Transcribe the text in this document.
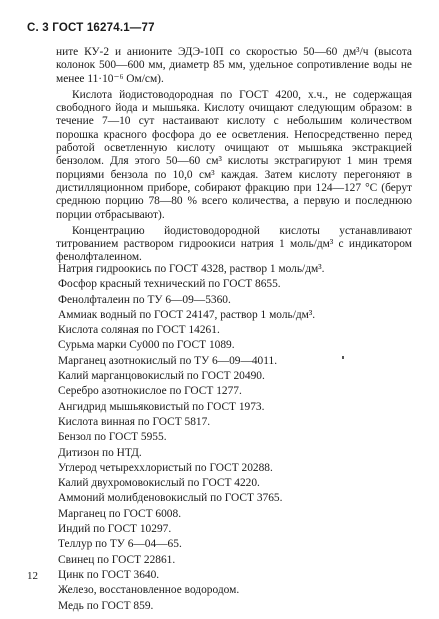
С. 3 ГОСТ 16274.1—77

ните КУ-2 и анионите ЭДЭ-10П со скоростью 50—60 дм³/ч (высота колонок 500—600 мм, диаметр 85 мм, удельное сопротивление воды не менее 11·10⁻⁶ Ом/см).

Кислота йодистоводородная по ГОСТ 4200, х.ч., не содержащая свободного йода и мышьяка. Кислоту очищают следующим образом: в течение 7—10 сут настаивают кислоту с небольшим количеством порошка красного фосфора до ее осветления. Непосредственно перед работой осветленную кислоту очищают от мышьяка экстракцией бензолом. Для этого 50—60 см³ кислоты экстрагируют 1 мин тремя порциями бензола по 10,0 см³ каждая. Затем кислоту перегоняют в дистилляционном приборе, собирают фракцию при 124—127 °С (берут среднюю порцию 78—80 % всего количества, а первую и последнюю порции отбрасывают).

Концентрацию йодистоводородной кислоты устанавливают титрованием раствором гидроокиси натрия 1 моль/дм³ с индикатором фенолфталеином.

Натрия гидроокись по ГОСТ 4328, раствор 1 моль/дм³.
Фосфор красный технический по ГОСТ 8655.
Фенолфталеин по ТУ 6—09—5360.
Аммиак водный по ГОСТ 24147, раствор 1 моль/дм³.
Кислота соляная по ГОСТ 14261.
Сурьма марки Су000 по ГОСТ 1089.
Марганец азотнокислый по ТУ 6—09—4011.
Калий марганцовокислый по ГОСТ 20490.
Серебро азотнокислое по ГОСТ 1277.
Ангидрид мышьяковистый по ГОСТ 1973.
Кислота винная по ГОСТ 5817.
Бензол по ГОСТ 5955.
Дитизон по НТД.
Углерод четыреххлористый по ГОСТ 20288.
Калий двухромовокислый по ГОСТ 4220.
Аммоний молибденовокислый по ГОСТ 3765.
Марганец по ГОСТ 6008.
Индий по ГОСТ 10297.
Теллур по ТУ 6—04—65.
Свинец по ГОСТ 22861.
Цинк по ГОСТ 3640.
Железо, восстановленное водородом.
Медь по ГОСТ 859.
12
